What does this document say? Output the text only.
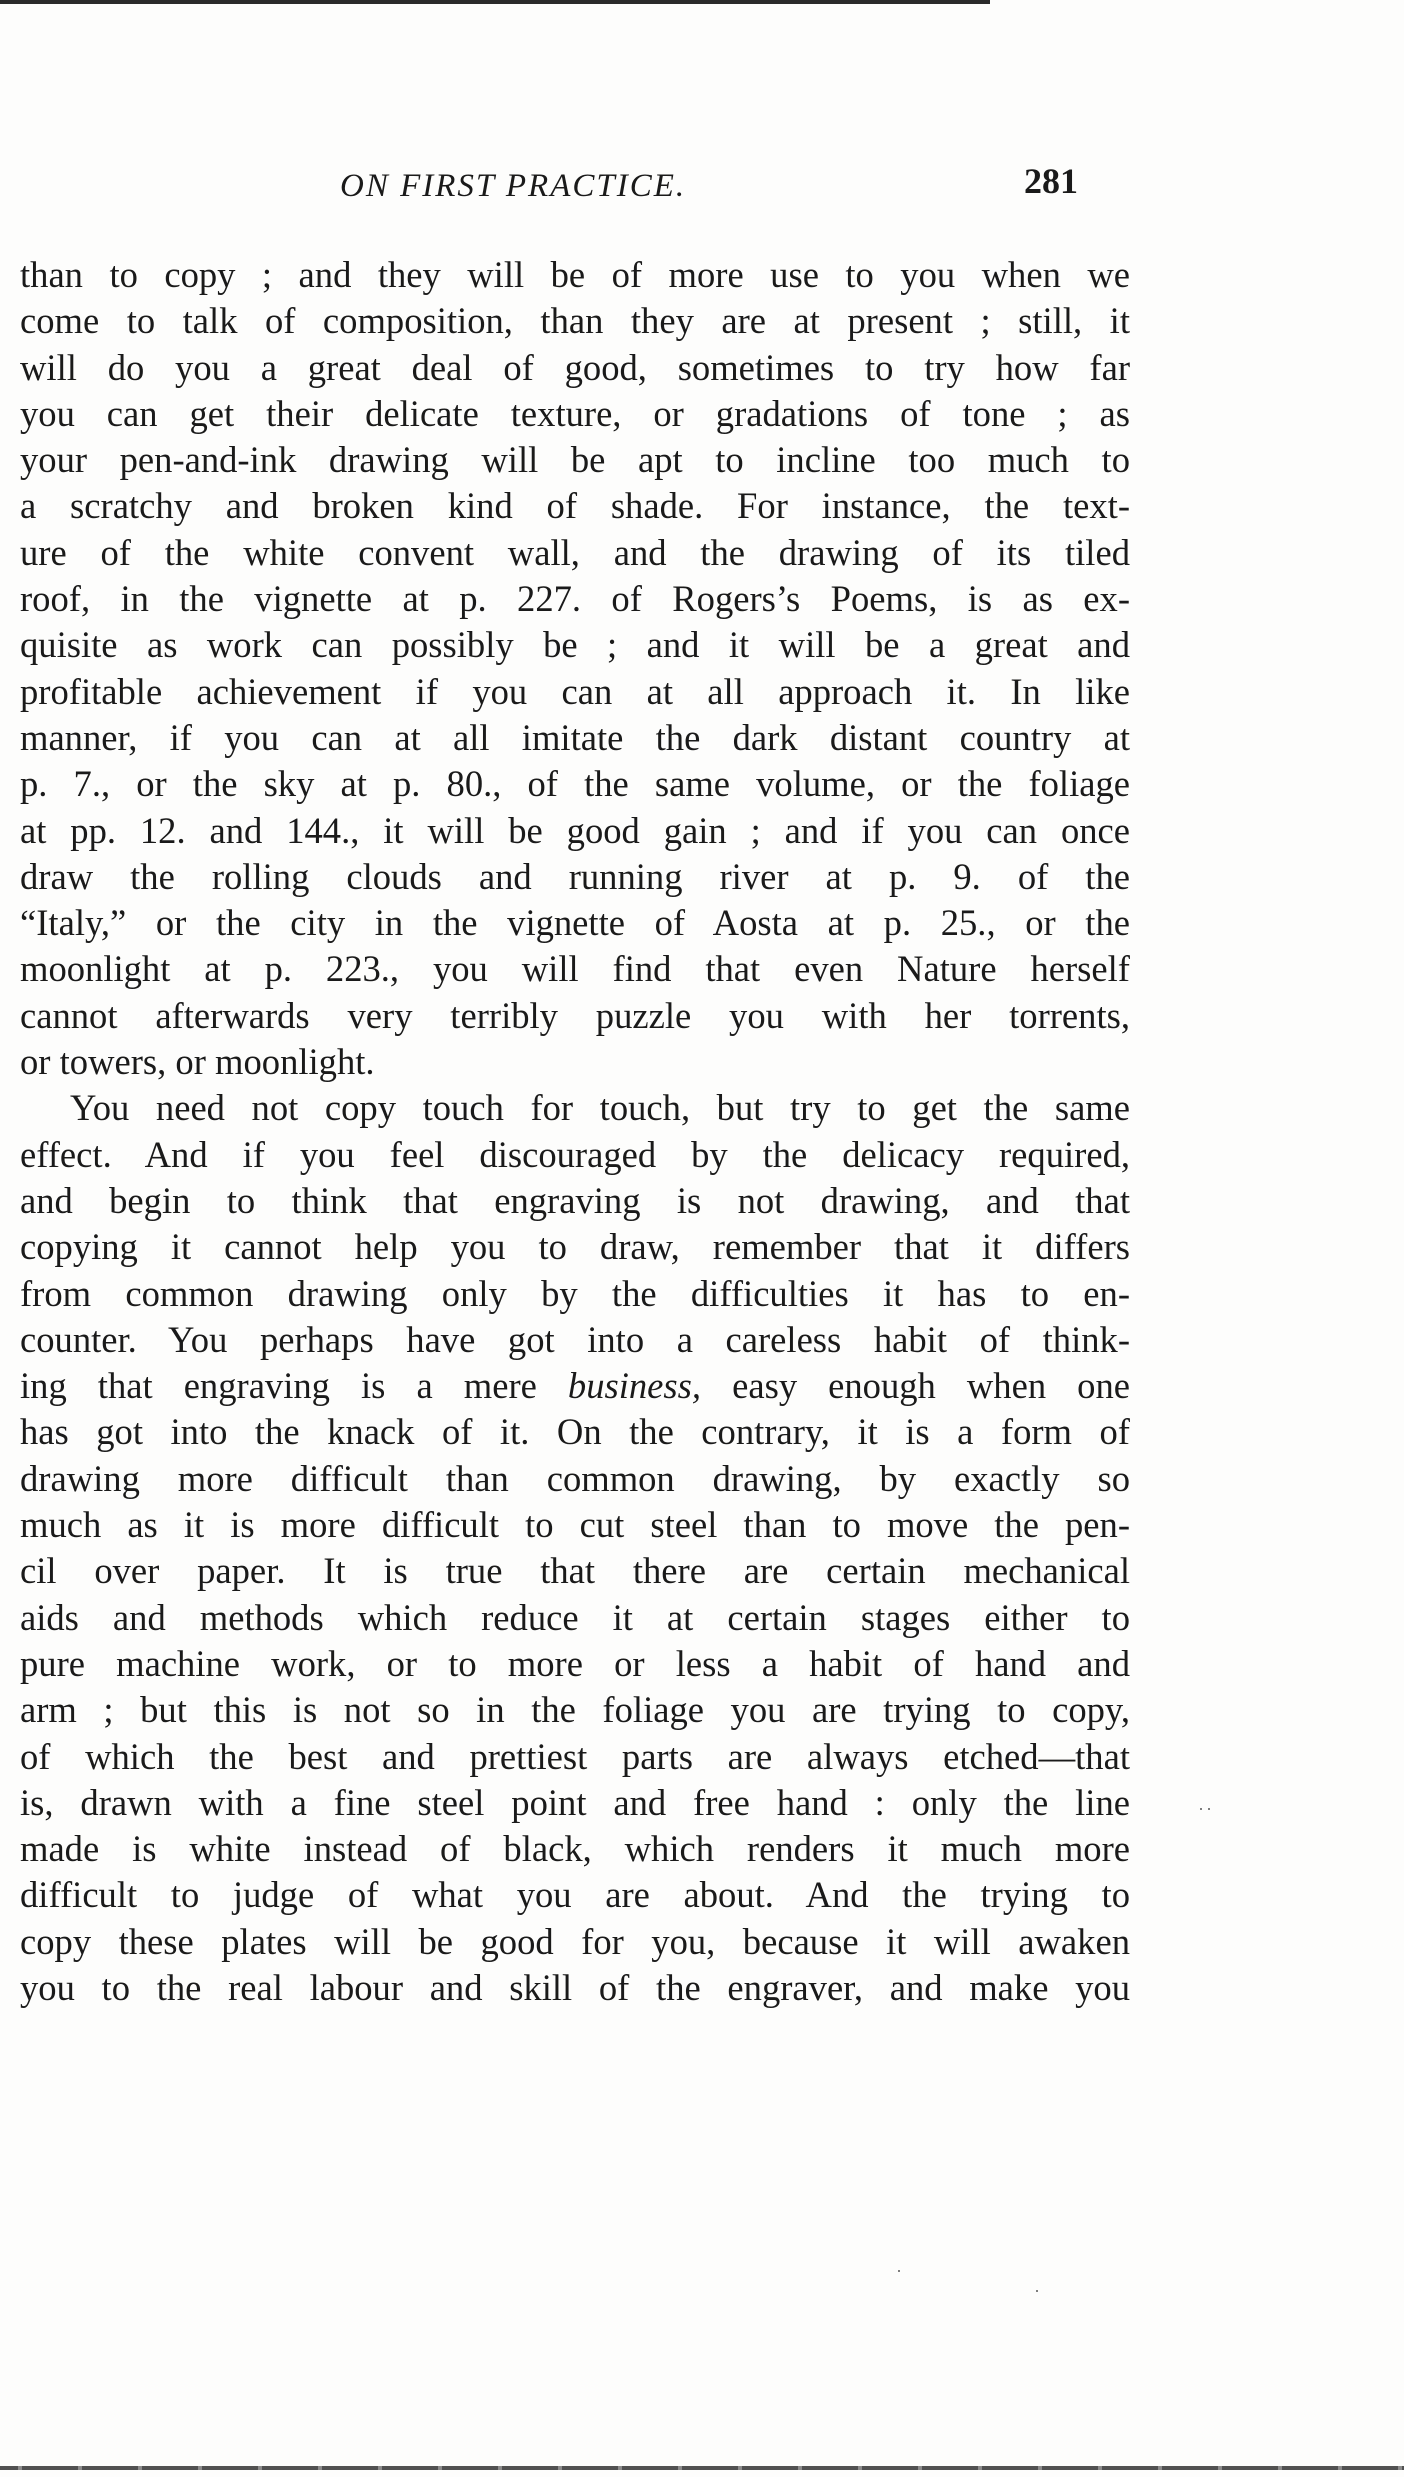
ON FIRST PRACTICE.	281
than to copy ; and they will be of more use to you when we
come to talk of composition, than they are at present ; still, it
will do you a great deal of good, sometimes to try how far
you can get their delicate texture, or gradations of tone ; as
your pen-and-ink drawing will be apt to incline too much to
a scratchy and broken kind of shade. For instance, the text-
ure of the white convent wall, and the drawing of its tiled
roof, in the vignette at p. 227. of Rogers’s Poems, is as ex-
quisite as work can possibly be ; and it will be a great and
profitable achievement if you can at all approach it. In like
manner, if you can at all imitate the dark distant country at
p. 7., or the sky at p. 80., of the same volume, or the foliage
at pp. 12. and 144., it will be good gain ; and if you can once
draw the rolling clouds and running river at p. 9. of the
“Italy,” or the city in the vignette of Aosta at p. 25., or the
moonlight at p. 223., you will find that even Nature herself
cannot afterwards very terribly puzzle you with her torrents,
or towers, or moonlight.
You need not copy touch for touch, but try to get the same
effect. And if you feel discouraged by the delicacy required,
and begin to think that engraving is not drawing, and that
copying it cannot help you to draw, remember that it differs
from common drawing only by the difficulties it has to en-
counter. You perhaps have got into a careless habit of think-
ing that engraving is a mere business, easy enough when one
has got into the knack of it. On the contrary, it is a form of
drawing more difficult than common drawing, by exactly so
much as it is more difficult to cut steel than to move the pen-
cil over paper. It is true that there are certain mechanical
aids and methods which reduce it at certain stages either to
pure machine work, or to more or less a habit of hand and
arm ; but this is not so in the foliage you are trying to copy,
of which the best and prettiest parts are always etched—that
is, drawn with a fine steel point and free hand : only the line
made is white instead of black, which renders it much more
difficult to judge of what you are about. And the trying to
copy these plates will be good for you, because it will awaken
you to the real labour and skill of the engraver, and make you
